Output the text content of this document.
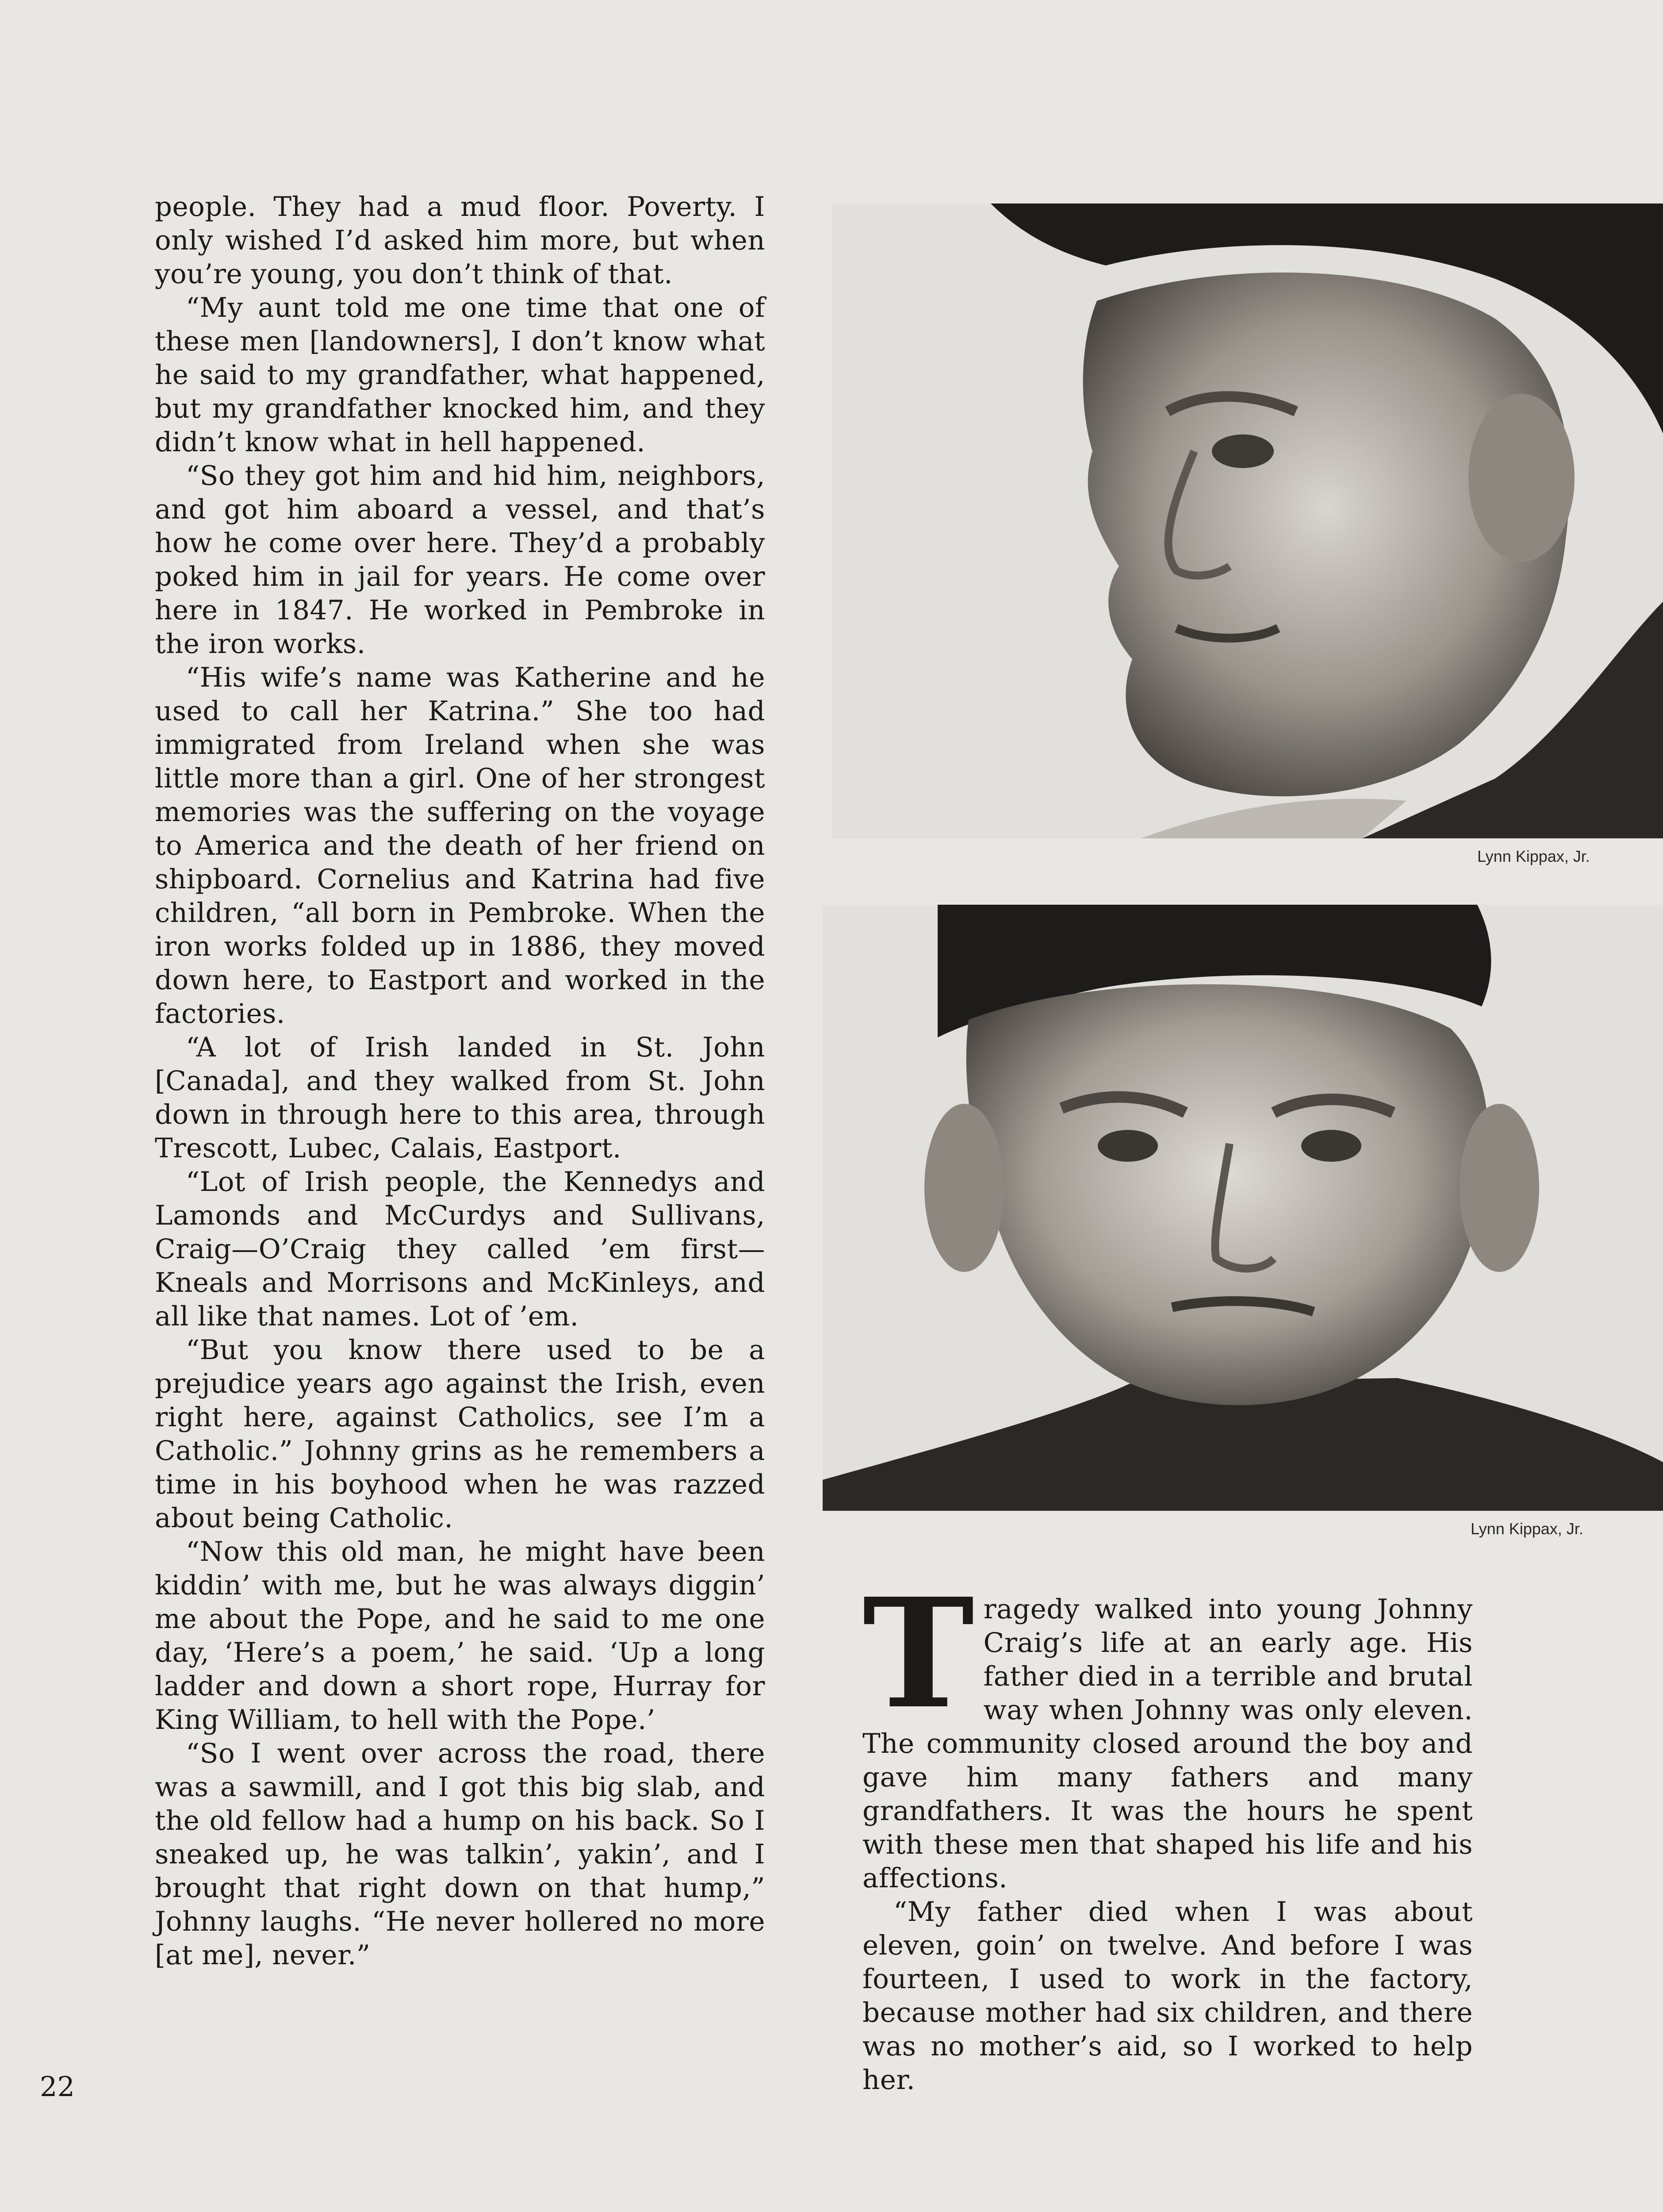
people. They had a mud floor. Poverty. I only wished I’d asked him more, but when you’re young, you don’t think of that.

“My aunt told me one time that one of these men [landowners], I don’t know what he said to my grandfather, what happened, but my grandfather knocked him, and they didn’t know what in hell happened.

“So they got him and hid him, neighbors, and got him aboard a vessel, and that’s how he come over here. They’d a probably poked him in jail for years. He come over here in 1847. He worked in Pembroke in the iron works.

“His wife’s name was Katherine and he used to call her Katrina.” She too had immigrated from Ireland when she was little more than a girl. One of her strongest memories was the suffering on the voyage to America and the death of her friend on shipboard. Cornelius and Katrina had five children, “all born in Pembroke. When the iron works folded up in 1886, they moved down here, to Eastport and worked in the factories.

“A lot of Irish landed in St. John [Canada], and they walked from St. John down in through here to this area, through Trescott, Lubec, Calais, Eastport.

“Lot of Irish people, the Kennedys and Lamonds and McCurdys and Sullivans, Craig—O’Craig they called ’em first—Kneals and Morrisons and McKinleys, and all like that names. Lot of ’em.

“But you know there used to be a prejudice years ago against the Irish, even right here, against Catholics, see I’m a Catholic.” Johnny grins as he remembers a time in his boyhood when he was razzed about being Catholic.

“Now this old man, he might have been kiddin’ with me, but he was always diggin’ me about the Pope, and he said to me one day, ‘Here’s a poem,’ he said. ‘Up a long ladder and down a short rope, Hurray for King William, to hell with the Pope.’

“So I went over across the road, there was a sawmill, and I got this big slab, and the old fellow had a hump on his back. So I sneaked up, he was talkin’, yakin’, and I brought that right down on that hump,” Johnny laughs. “He never hollered no more [at me], never.”

Lynn Kippax, Jr.
Lynn Kippax, Jr.

Tragedy walked into young Johnny Craig’s life at an early age. His father died in a terrible and brutal way when Johnny was only eleven. The community closed around the boy and gave him many fathers and many grandfathers. It was the hours he spent with these men that shaped his life and his affections.

“My father died when I was about eleven, goin’ on twelve. And before I was fourteen, I used to work in the factory, because mother had six children, and there was no mother’s aid, so I worked to help her.

22
